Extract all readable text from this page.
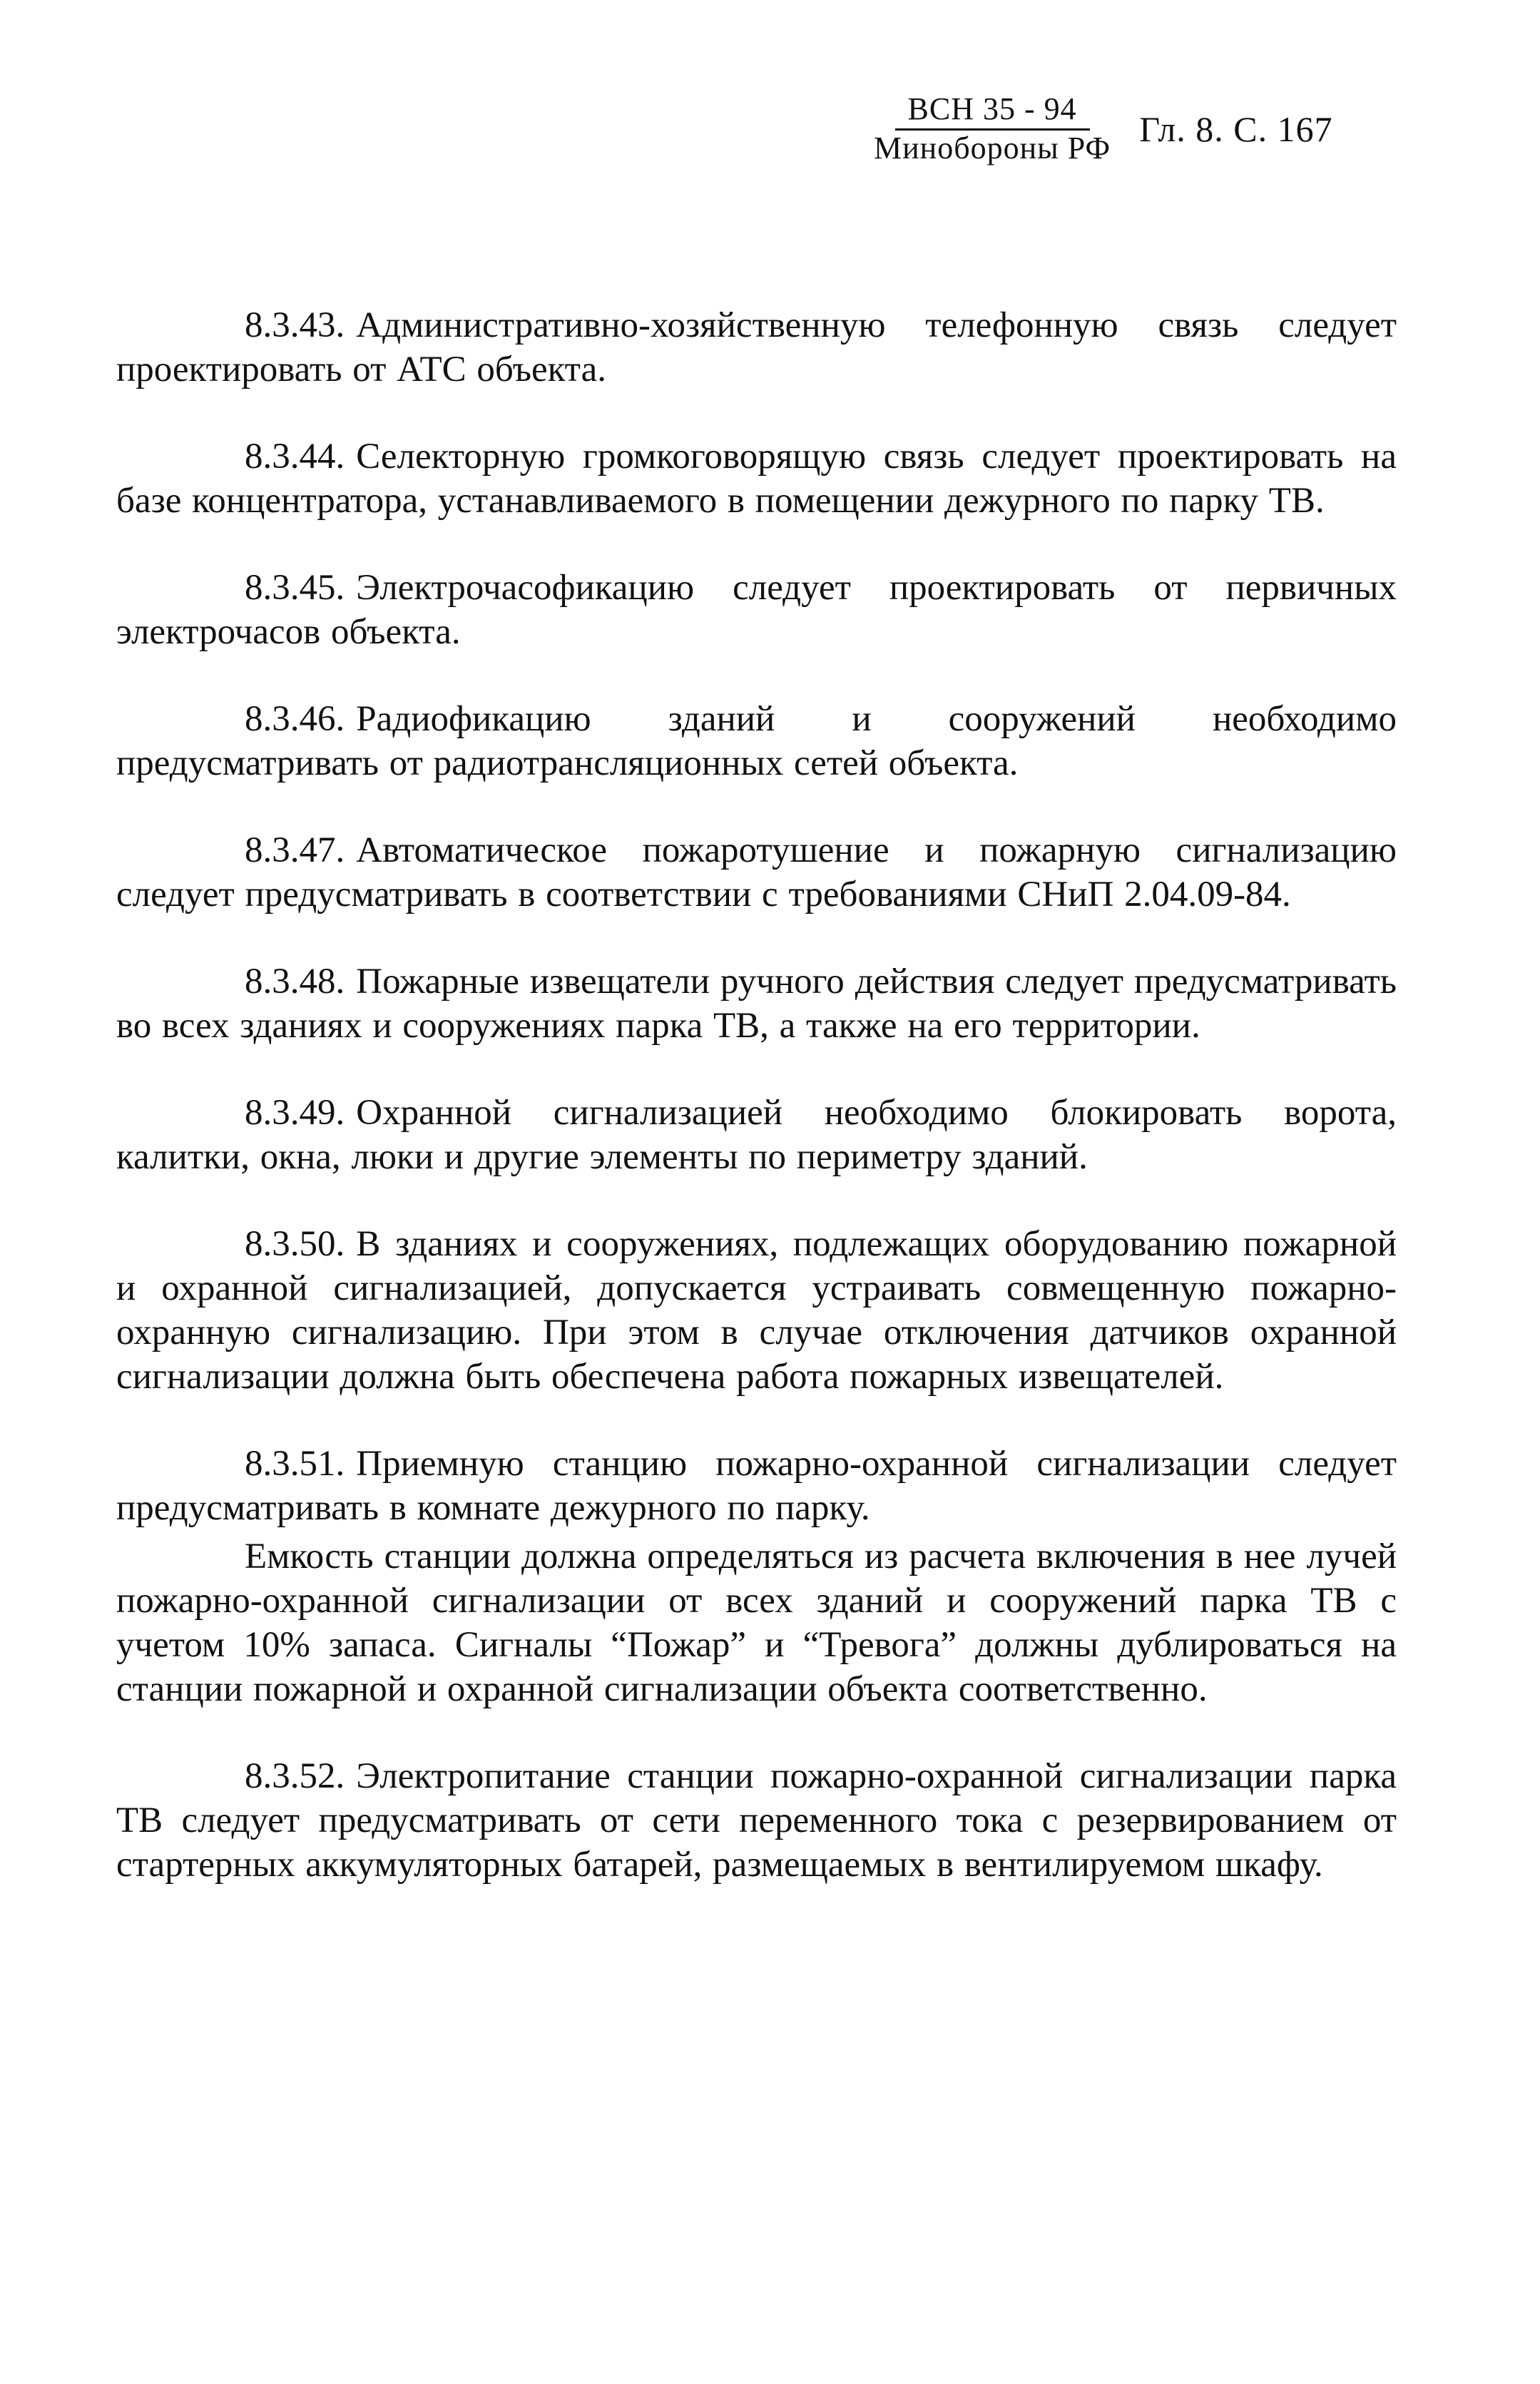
ВСН 35 - 94
Минобороны РФ Гл. 8. С. 167

8.3.43. Административно-хозяйственную телефонную связь следует проектировать от АТС объекта.

8.3.44. Селекторную громкоговорящую связь следует проектировать на базе концентратора, устанавливаемого в помещении дежурного по парку ТВ.

8.3.45. Электрочасофикацию следует проектировать от первичных электрочасов объекта.

8.3.46. Радиофикацию зданий и сооружений необходимо предусматривать от радиотрансляционных сетей объекта.

8.3.47. Автоматическое пожаротушение и пожарную сигнализацию следует предусматривать в соответствии с требованиями СНиП 2.04.09-84.

8.3.48. Пожарные извещатели ручного действия следует предусматривать во всех зданиях и сооружениях парка ТВ, а также на его территории.

8.3.49. Охранной сигнализацией необходимо блокировать ворота, калитки, окна, люки и другие элементы по периметру зданий.

8.3.50. В зданиях и сооружениях, подлежащих оборудованию пожарной и охранной сигнализацией, допускается устраивать совмещенную пожарно-охранную сигнализацию. При этом в случае отключения датчиков охранной сигнализации должна быть обеспечена работа пожарных извещателей.

8.3.51. Приемную станцию пожарно-охранной сигнализации следует предусматривать в комнате дежурного по парку.

Емкость станции должна определяться из расчета включения в нее лучей пожарно-охранной сигнализации от всех зданий и сооружений парка ТВ с учетом 10% запаса. Сигналы “Пожар” и “Тревога” должны дублироваться на станции пожарной и охранной сигнализации объекта соответственно.

8.3.52. Электропитание станции пожарно-охранной сигнализации парка ТВ следует предусматривать от сети переменного тока с резервированием от стартерных аккумуляторных батарей, размещаемых в вентилируемом шкафу.
